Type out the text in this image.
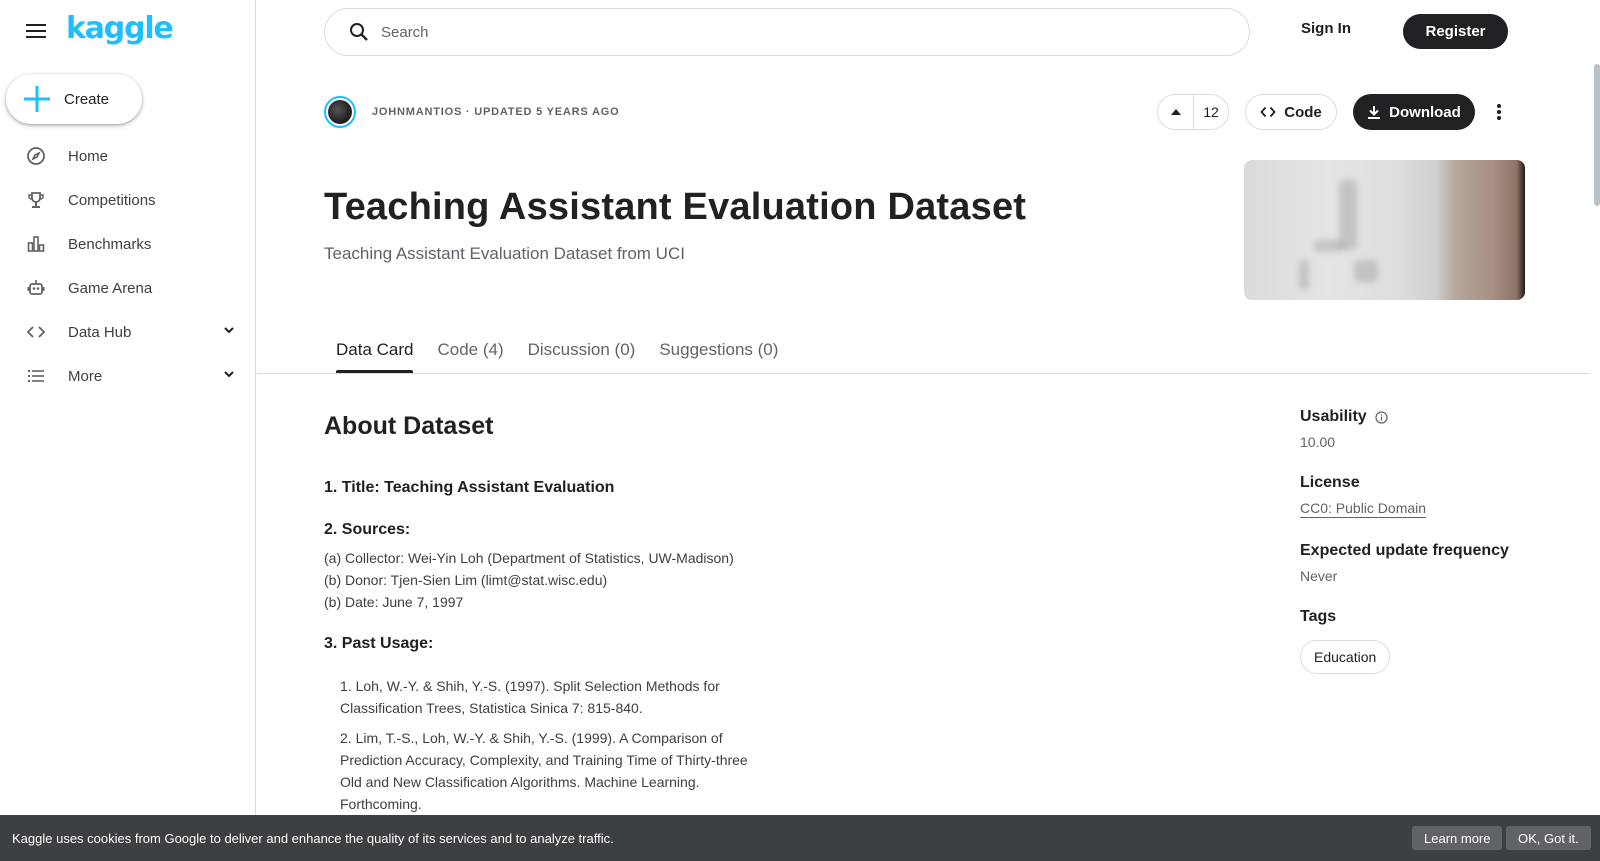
kaggle
Create
Home
Competitions
Benchmarks
Game Arena
Data Hub
More
Search
Sign In	Register
JOHNMANTIOS · UPDATED 5 YEARS AGO	12	Code	Download
Teaching Assistant Evaluation Dataset
Teaching Assistant Evaluation Dataset from UCI
Data Card	Code (4)	Discussion (0)	Suggestions (0)
About Dataset
1. Title: Teaching Assistant Evaluation
2. Sources:
(a) Collector: Wei-Yin Loh (Department of Statistics, UW-Madison)
(b) Donor: Tjen-Sien Lim (limt@stat.wisc.edu)
(b) Date: June 7, 1997
3. Past Usage:
1. Loh, W.-Y. & Shih, Y.-S. (1997). Split Selection Methods for Classification Trees, Statistica Sinica 7: 815-840.
2. Lim, T.-S., Loh, W.-Y. & Shih, Y.-S. (1999). A Comparison of Prediction Accuracy, Complexity, and Training Time of Thirty-three Old and New Classification Algorithms. Machine Learning. Forthcoming.
Usability
10.00
License
CC0: Public Domain
Expected update frequency
Never
Tags
Education
Kaggle uses cookies from Google to deliver and enhance the quality of its services and to analyze traffic.	Learn more	OK, Got it.
